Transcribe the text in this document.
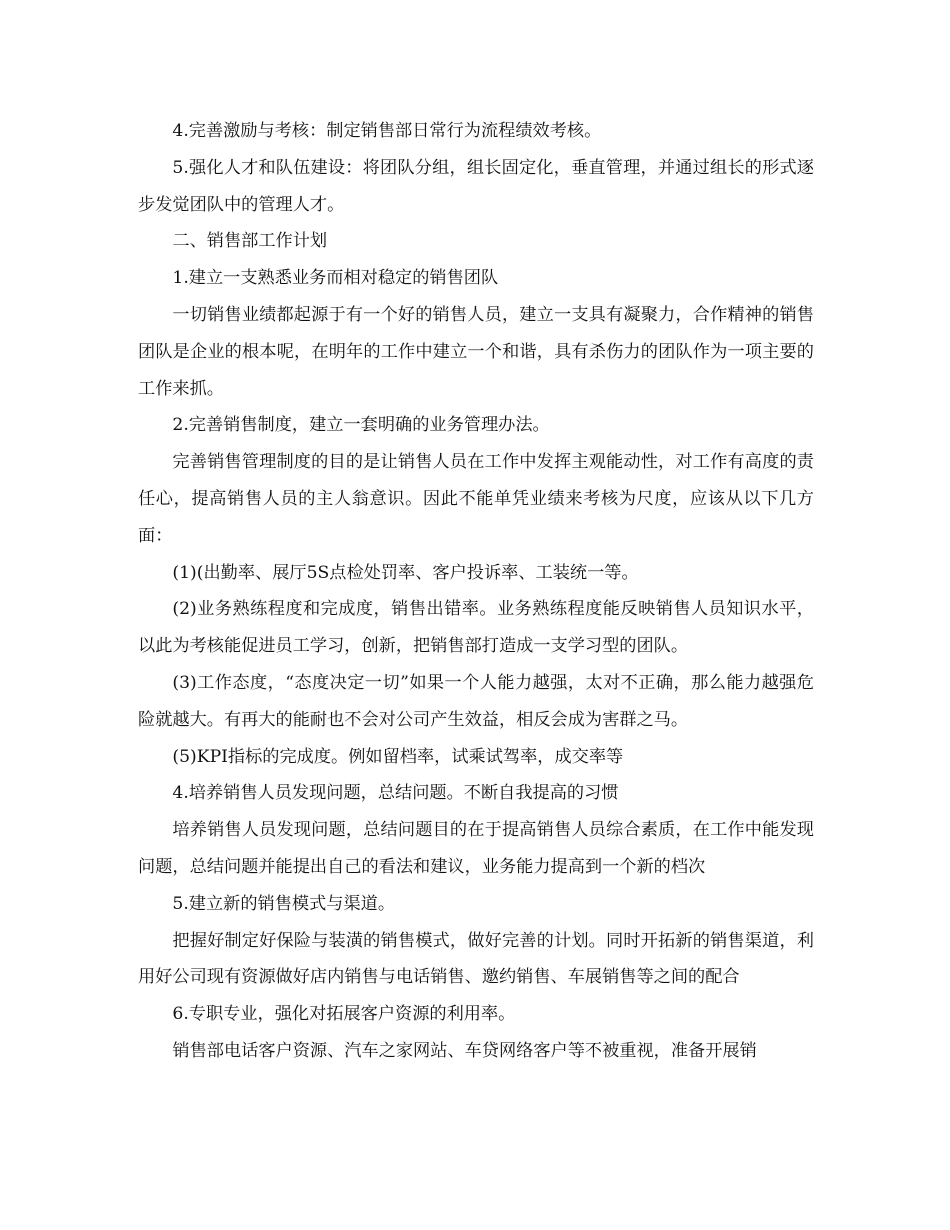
4.完善激励与考核：制定销售部日常行为流程绩效考核。

5.强化人才和队伍建设：将团队分组，组长固定化，垂直管理，并通过组长的形式逐步发觉团队中的管理人才。

二、销售部工作计划

1.建立一支熟悉业务而相对稳定的销售团队

一切销售业绩都起源于有一个好的销售人员，建立一支具有凝聚力，合作精神的销售团队是企业的根本呢，在明年的工作中建立一个和谐，具有杀伤力的团队作为一项主要的工作来抓。

2.完善销售制度，建立一套明确的业务管理办法。

完善销售管理制度的目的是让销售人员在工作中发挥主观能动性，对工作有高度的责任心，提高销售人员的主人翁意识。因此不能单凭业绩来考核为尺度，应该从以下几方面：

(1)(出勤率、展厅5S点检处罚率、客户投诉率、工装统一等。

(2)业务熟练程度和完成度，销售出错率。业务熟练程度能反映销售人员知识水平，以此为考核能促进员工学习，创新，把销售部打造成一支学习型的团队。

(3)工作态度，“态度决定一切”如果一个人能力越强，太对不正确，那么能力越强危险就越大。有再大的能耐也不会对公司产生效益，相反会成为害群之马。

(5)KPI指标的完成度。例如留档率，试乘试驾率，成交率等

4.培养销售人员发现问题，总结问题。不断自我提高的习惯

培养销售人员发现问题，总结问题目的在于提高销售人员综合素质，在工作中能发现问题，总结问题并能提出自己的看法和建议，业务能力提高到一个新的档次

5.建立新的销售模式与渠道。

把握好制定好保险与装潢的销售模式，做好完善的计划。同时开拓新的销售渠道，利用好公司现有资源做好店内销售与电话销售、邀约销售、车展销售等之间的配合

6.专职专业，强化对拓展客户资源的利用率。

销售部电话客户资源、汽车之家网站、车贷网络客户等不被重视，准备开展销
